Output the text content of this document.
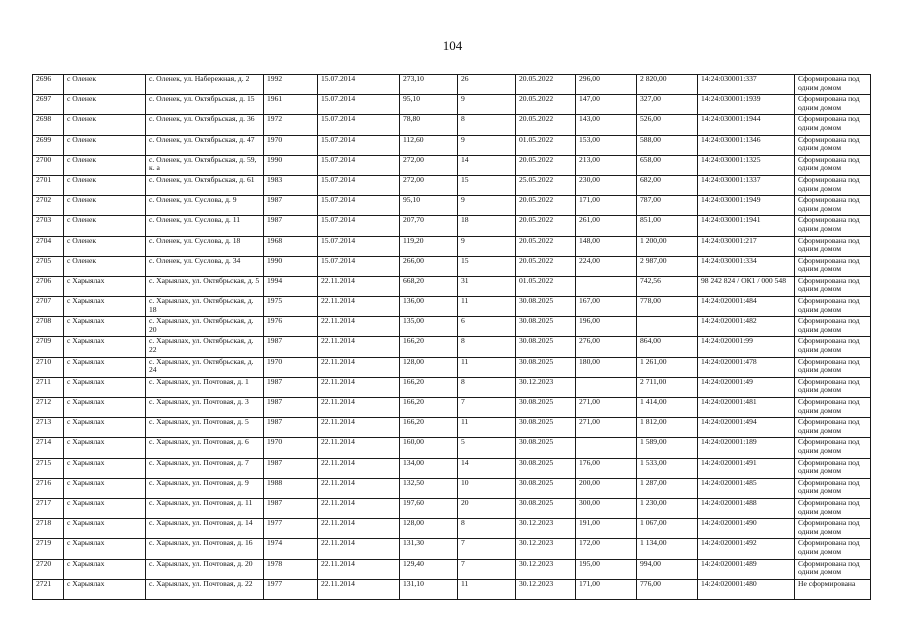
104
2696	с Оленек	с. Оленек, ул. Набережная, д. 2	1992	15.07.2014	273,10	26	20.05.2022	296,00	2 820,00	14:24:030001:337	Сформирована под одним домом
2697	с Оленек	с. Оленек, ул. Октябрьская, д. 15	1961	15.07.2014	95,10	9	20.05.2022	147,00	327,00	14:24:030001:1939	Сформирована под одним домом
2698	с Оленек	с. Оленек, ул. Октябрьская, д. 36	1972	15.07.2014	78,80	8	20.05.2022	143,00	526,00	14:24:030001:1944	Сформирована под одним домом
2699	с Оленек	с. Оленек, ул. Октябрьская, д. 47	1970	15.07.2014	112,60	9	01.05.2022	153,00	588,00	14:24:030001:1346	Сформирована под одним домом
2700	с Оленек	с. Оленек, ул. Октябрьская, д. 59, к. а	1990	15.07.2014	272,00	14	20.05.2022	213,00	658,00	14:24:030001:1325	Сформирована под одним домом
2701	с Оленек	с. Оленек, ул. Октябрьская, д. 61	1983	15.07.2014	272,00	15	25.05.2022	230,00	682,00	14:24:030001:1337	Сформирована под одним домом
2702	с Оленек	с. Оленек, ул. Суслова, д. 9	1987	15.07.2014	95,10	9	20.05.2022	171,00	787,00	14:24:030001:1949	Сформирована под одним домом
2703	с Оленек	с. Оленек, ул. Суслова, д. 11	1987	15.07.2014	207,70	18	20.05.2022	261,00	851,00	14:24:030001:1941	Сформирована под одним домом
2704	с Оленек	с. Оленек, ул. Суслова, д. 18	1968	15.07.2014	119,20	9	20.05.2022	148,00	1 200,00	14:24:030001:217	Сформирована под одним домом
2705	с Оленек	с. Оленек, ул. Суслова, д. 34	1990	15.07.2014	266,00	15	20.05.2022	224,00	2 987,00	14:24:030001:334	Сформирована под одним домом
2706	с Харыялах	с. Харыялах, ул. Октябрьская, д. 5	1994	22.11.2014	668,20	31	01.05.2022		742,56	98 242 824 / ОК1 / 000 548	Сформирована под одним домом
2707	с Харыялах	с. Харыялах, ул. Октябрьская, д. 18	1975	22.11.2014	136,00	11	30.08.2025	167,00	778,00	14:24:020001:484	Сформирована под одним домом
2708	с Харыялах	с. Харыялах, ул. Октябрьская, д. 20	1976	22.11.2014	135,00	6	30.08.2025	196,00		14:24:020001:482	Сформирована под одним домом
2709	с Харыялах	с. Харыялах, ул. Октябрьская, д. 22	1987	22.11.2014	166,20	8	30.08.2025	276,00	864,00	14:24:020001:99	Сформирована под одним домом
2710	с Харыялах	с. Харыялах, ул. Октябрьская, д. 24	1970	22.11.2014	128,00	11	30.08.2025	180,00	1 261,00	14:24:020001:478	Сформирована под одним домом
2711	с Харыялах	с. Харыялах, ул. Почтовая, д. 1	1987	22.11.2014	166,20	8	30.12.2023		2 711,00	14:24:020001:49	Сформирована под одним домом
2712	с Харыялах	с. Харыялах, ул. Почтовая, д. 3	1987	22.11.2014	166,20	7	30.08.2025	271,00	1 414,00	14:24:020001:481	Сформирована под одним домом
2713	с Харыялах	с. Харыялах, ул. Почтовая, д. 5	1987	22.11.2014	166,20	11	30.08.2025	271,00	1 812,00	14:24:020001:494	Сформирована под одним домом
2714	с Харыялах	с. Харыялах, ул. Почтовая, д. 6	1970	22.11.2014	160,00	5	30.08.2025		1 589,00	14:24:020001:189	Сформирована под одним домом
2715	с Харыялах	с. Харыялах, ул. Почтовая, д. 7	1987	22.11.2014	134,00	14	30.08.2025	176,00	1 533,00	14:24:020001:491	Сформирована под одним домом
2716	с Харыялах	с. Харыялах, ул. Почтовая, д. 9	1988	22.11.2014	132,50	10	30.08.2025	200,00	1 287,00	14:24:020001:485	Сформирована под одним домом
2717	с Харыялах	с. Харыялах, ул. Почтовая, д. 11	1987	22.11.2014	197,60	20	30.08.2025	300,00	1 230,00	14:24:020001:488	Сформирована под одним домом
2718	с Харыялах	с. Харыялах, ул. Почтовая, д. 14	1977	22.11.2014	128,00	8	30.12.2023	191,00	1 067,00	14:24:020001:490	Сформирована под одним домом
2719	с Харыялах	с. Харыялах, ул. Почтовая, д. 16	1974	22.11.2014	131,30	7	30.12.2023	172,00	1 134,00	14:24:020001:492	Сформирована под одним домом
2720	с Харыялах	с. Харыялах, ул. Почтовая, д. 20	1978	22.11.2014	129,40	7	30.12.2023	195,00	994,00	14:24:020001:489	Сформирована под одним домом
2721	с Харыялах	с. Харыялах, ул. Почтовая, д. 22	1977	22.11.2014	131,10	11	30.12.2023	171,00	776,00	14:24:020001:480	Не сформирована
